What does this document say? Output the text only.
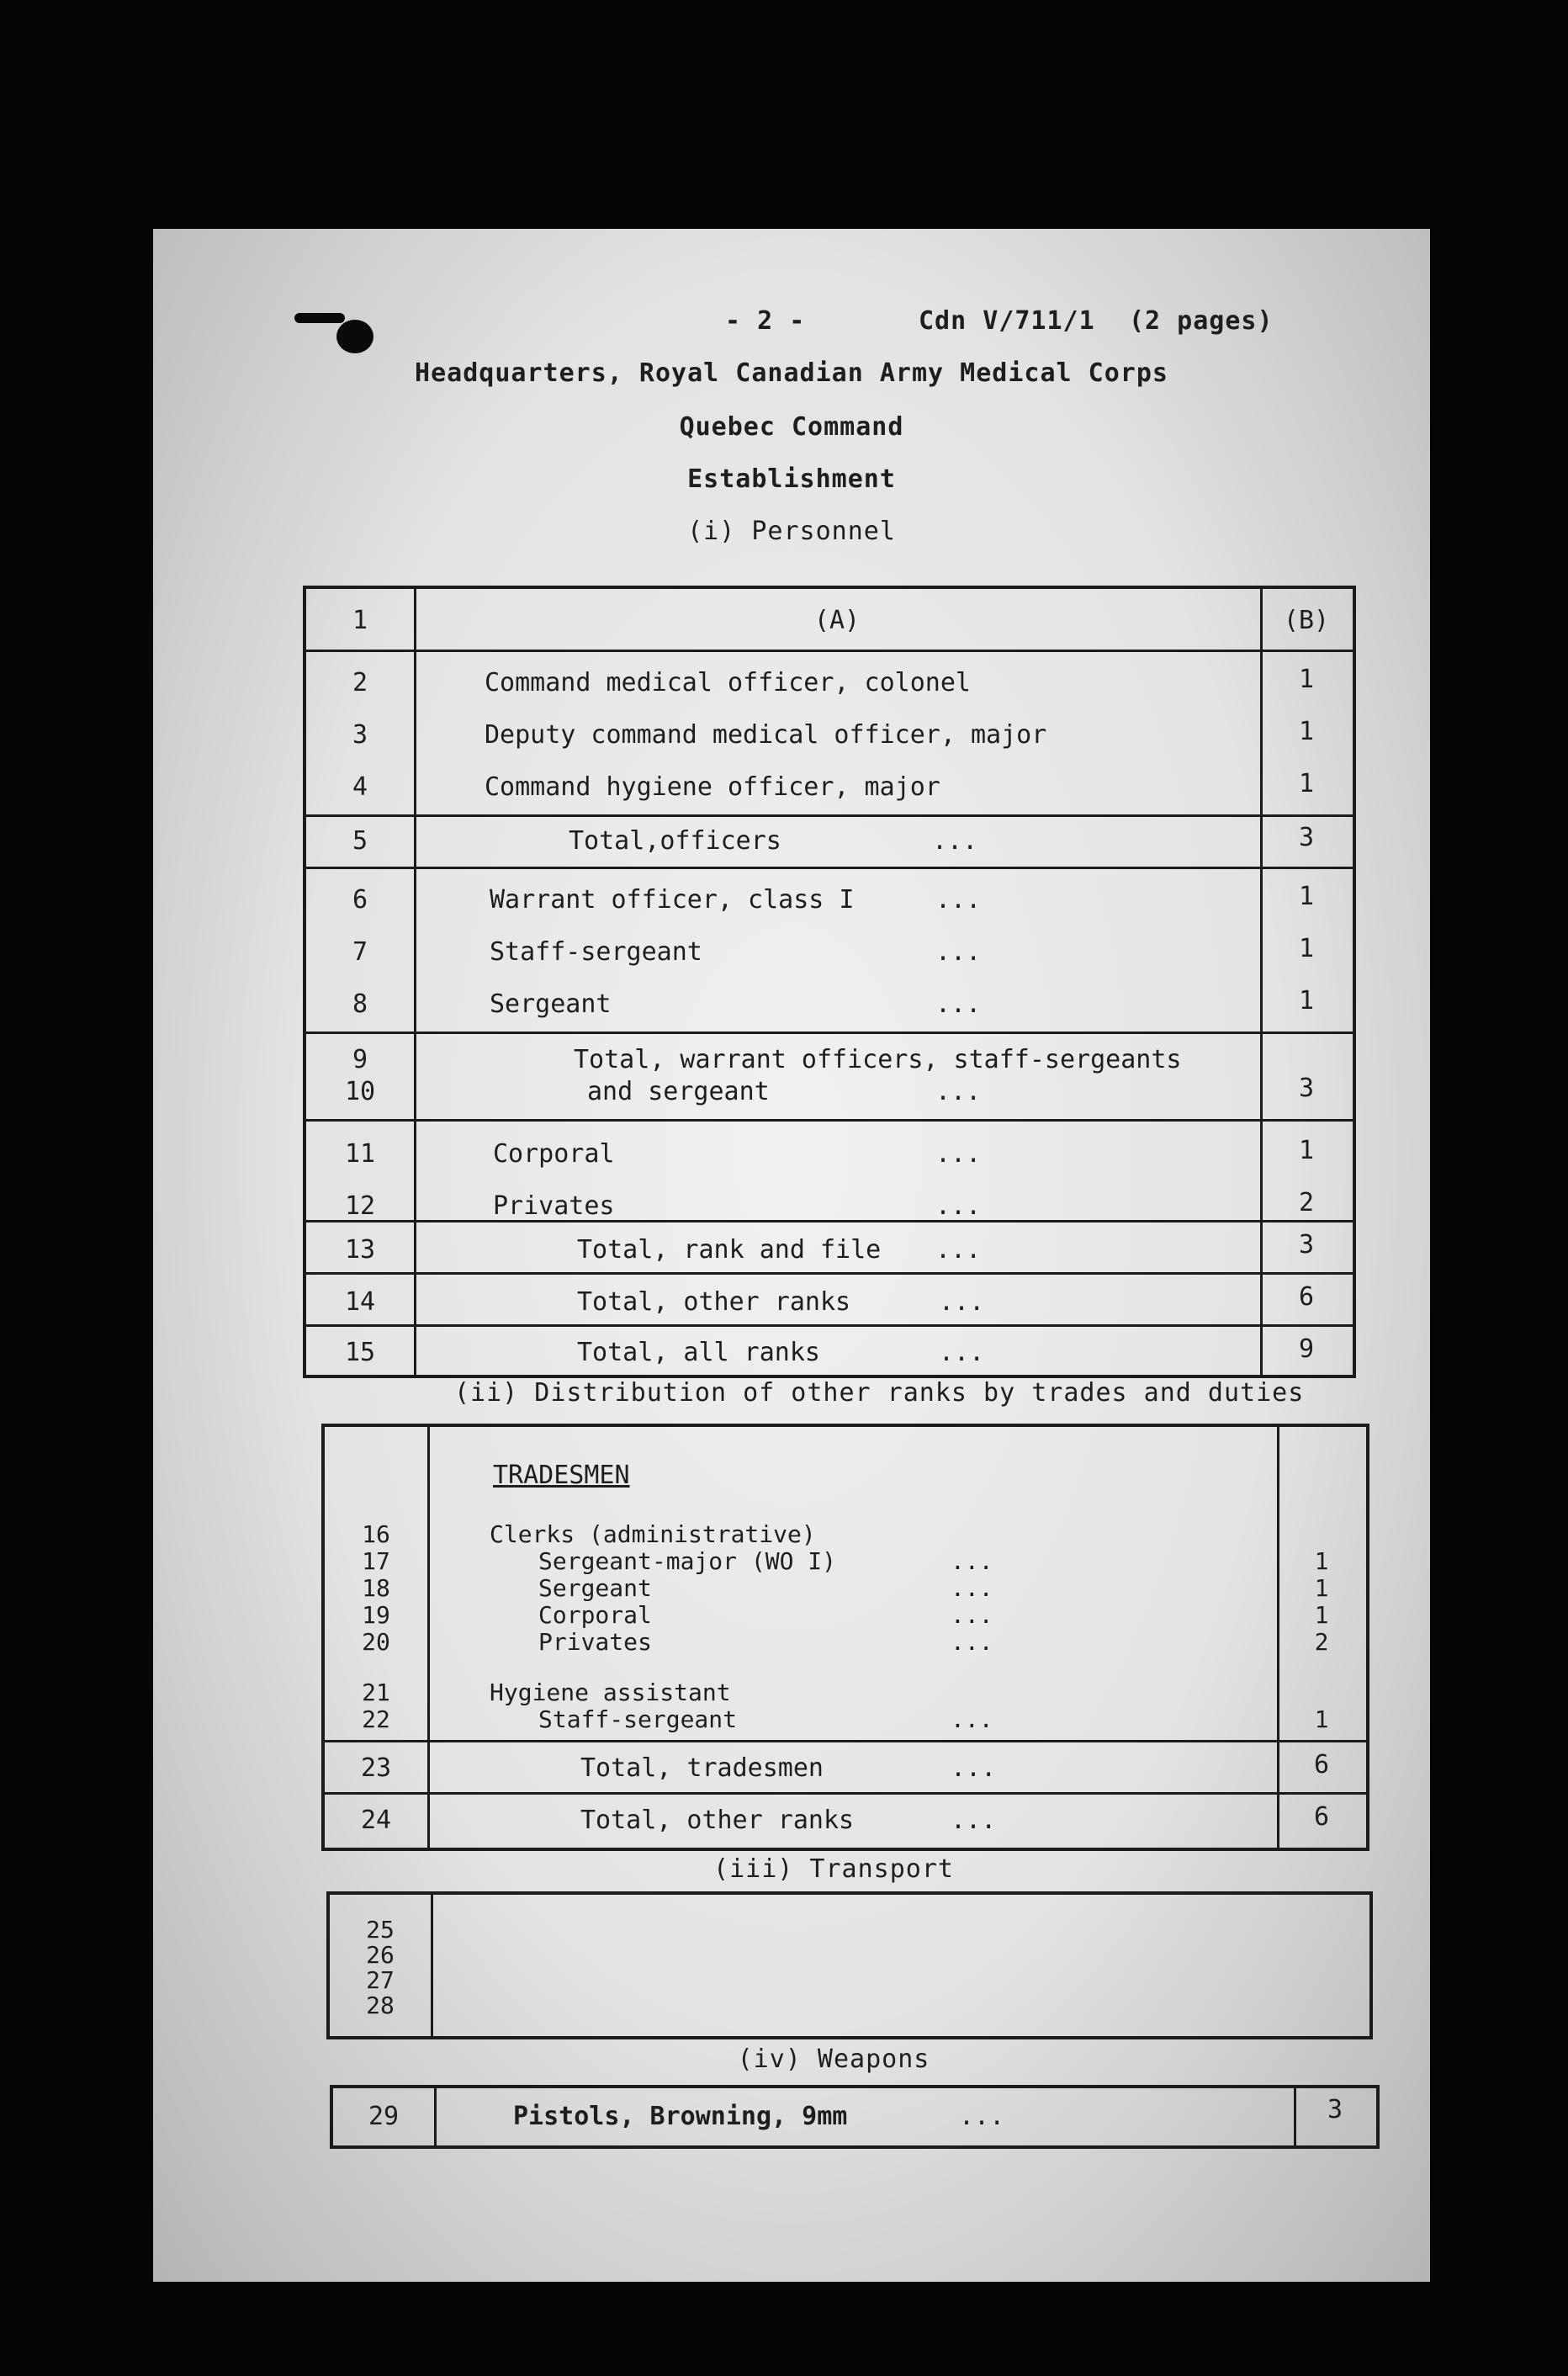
- 2 -	Cdn V/711/1 (2 pages)
Headquarters, Royal Canadian Army Medical Corps
Quebec Command
Establishment
(i) Personnel
1	(A)	(B)
2	Command medical officer, colonel	1
3	Deputy command medical officer, major	1
4	Command hygiene officer, major	1
5	Total,officers	...	3
6	Warrant officer, class I	...	1
7	Staff-sergeant	...	1
8	Sergeant	...	1
9	Total, warrant officers, staff-sergeants
10	and sergeant	...	3
11	Corporal	...	1
12	Privates	...	2
13	Total, rank and file ...	3
14	Total, other ranks	...	6
15	Total, all ranks	...	9
(ii) Distribution of other ranks by trades and duties
TRADESMEN
16	Clerks (administrative)
17	Sergeant-major (WO I)	...	1
18	Sergeant	...	1
19	Corporal	...	1
20	Privates	...	2
21	Hygiene assistant
22	Staff-sergeant	...	1
23	Total, tradesmen	...	6
24	Total, other ranks	...	6
(iii) Transport
25
26
27
28
(iv) Weapons
29	Pistols, Browning, 9mm	...	3
